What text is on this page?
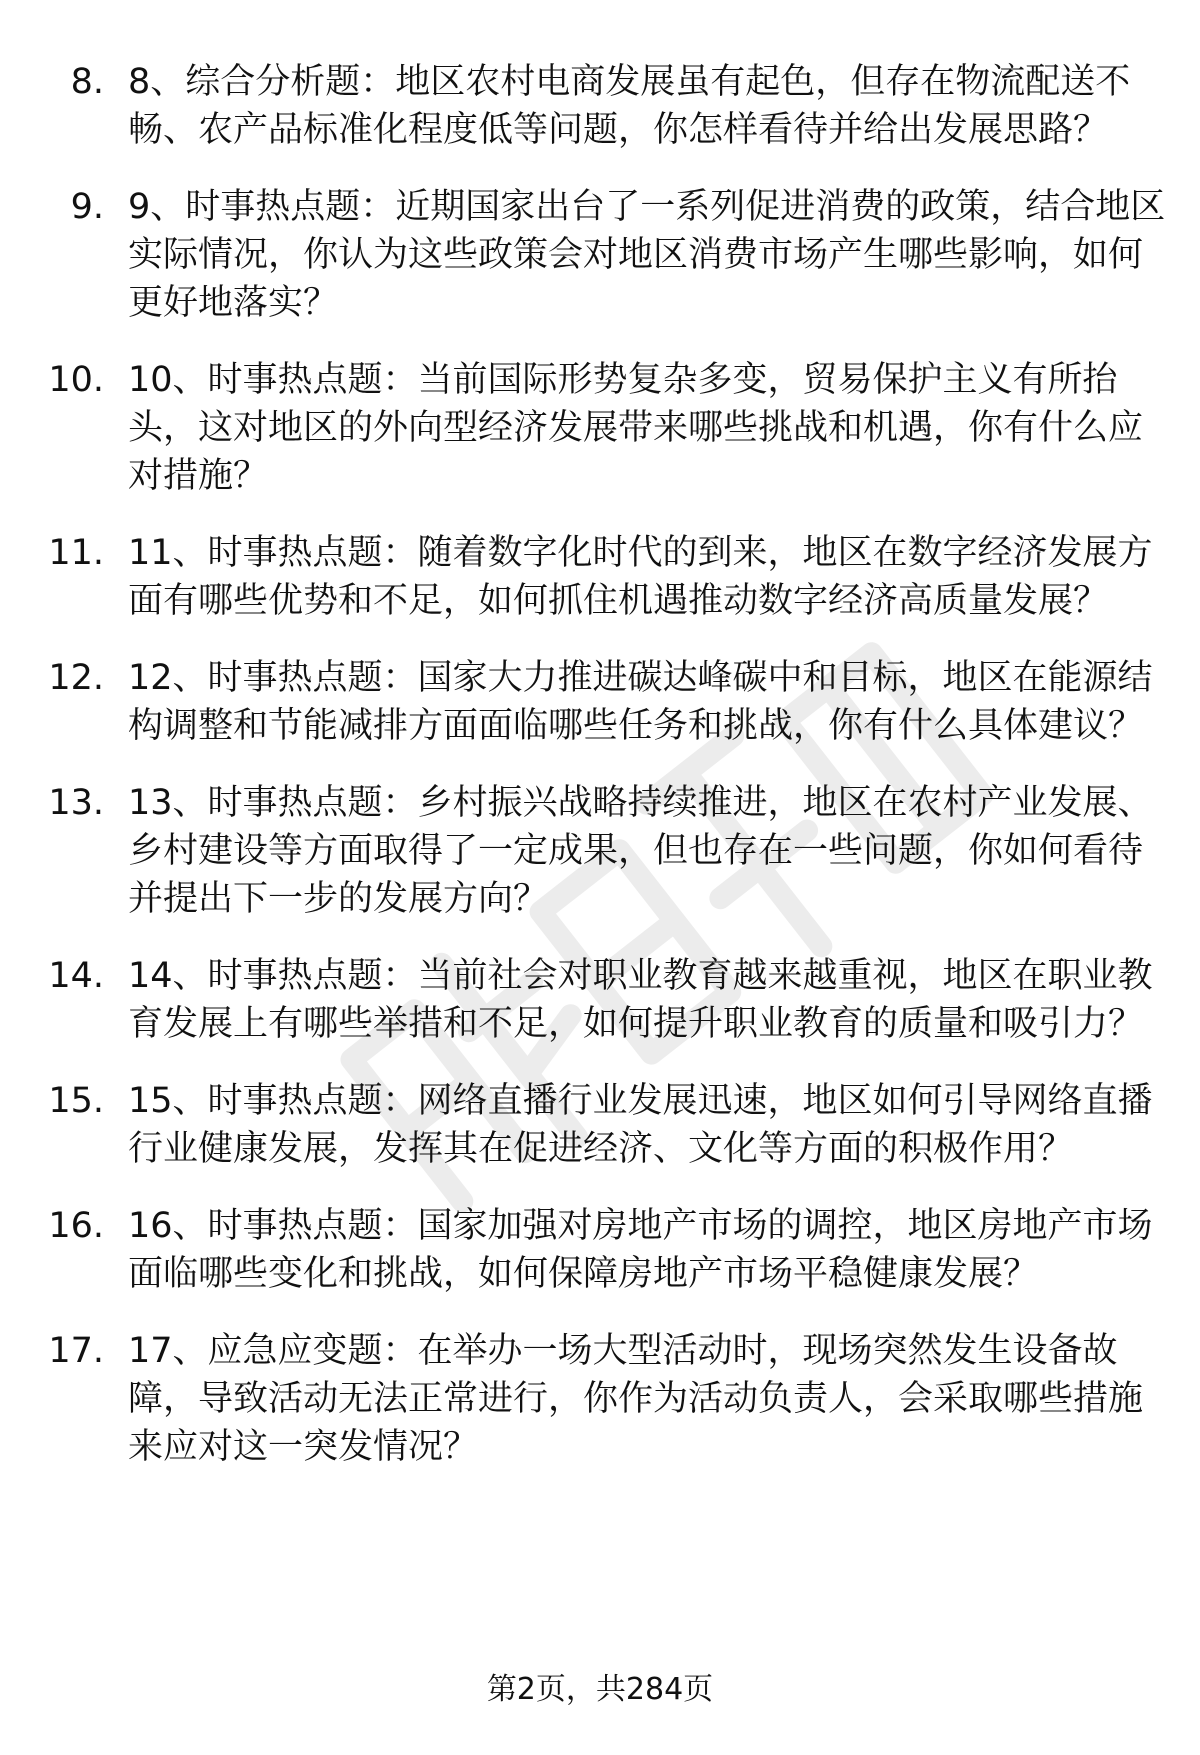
8. 8、综合分析题：地区农村电商发展虽有起色，但存在物流配送不畅、农产品标准化程度低等问题，你怎样看待并给出发展思路？
9. 9、时事热点题：近期国家出台了一系列促进消费的政策，结合地区实际情况，你认为这些政策会对地区消费市场产生哪些影响，如何更好地落实？
10. 10、时事热点题：当前国际形势复杂多变，贸易保护主义有所抬头，这对地区的外向型经济发展带来哪些挑战和机遇，你有什么应对措施？
11. 11、时事热点题：随着数字化时代的到来，地区在数字经济发展方面有哪些优势和不足，如何抓住机遇推动数字经济高质量发展？
12. 12、时事热点题：国家大力推进碳达峰碳中和目标，地区在能源结构调整和节能减排方面面临哪些任务和挑战，你有什么具体建议？
13. 13、时事热点题：乡村振兴战略持续推进，地区在农村产业发展、乡村建设等方面取得了一定成果，但也存在一些问题，你如何看待并提出下一步的发展方向？
14. 14、时事热点题：当前社会对职业教育越来越重视，地区在职业教育发展上有哪些举措和不足，如何提升职业教育的质量和吸引力？
15. 15、时事热点题：网络直播行业发展迅速，地区如何引导网络直播行业健康发展，发挥其在促进经济、文化等方面的积极作用？
16. 16、时事热点题：国家加强对房地产市场的调控，地区房地产市场面临哪些变化和挑战，如何保障房地产市场平稳健康发展？
17. 17、应急应变题：在举办一场大型活动时，现场突然发生设备故障，导致活动无法正常进行，你作为活动负责人，会采取哪些措施来应对这一突发情况？
第2页，共284页
